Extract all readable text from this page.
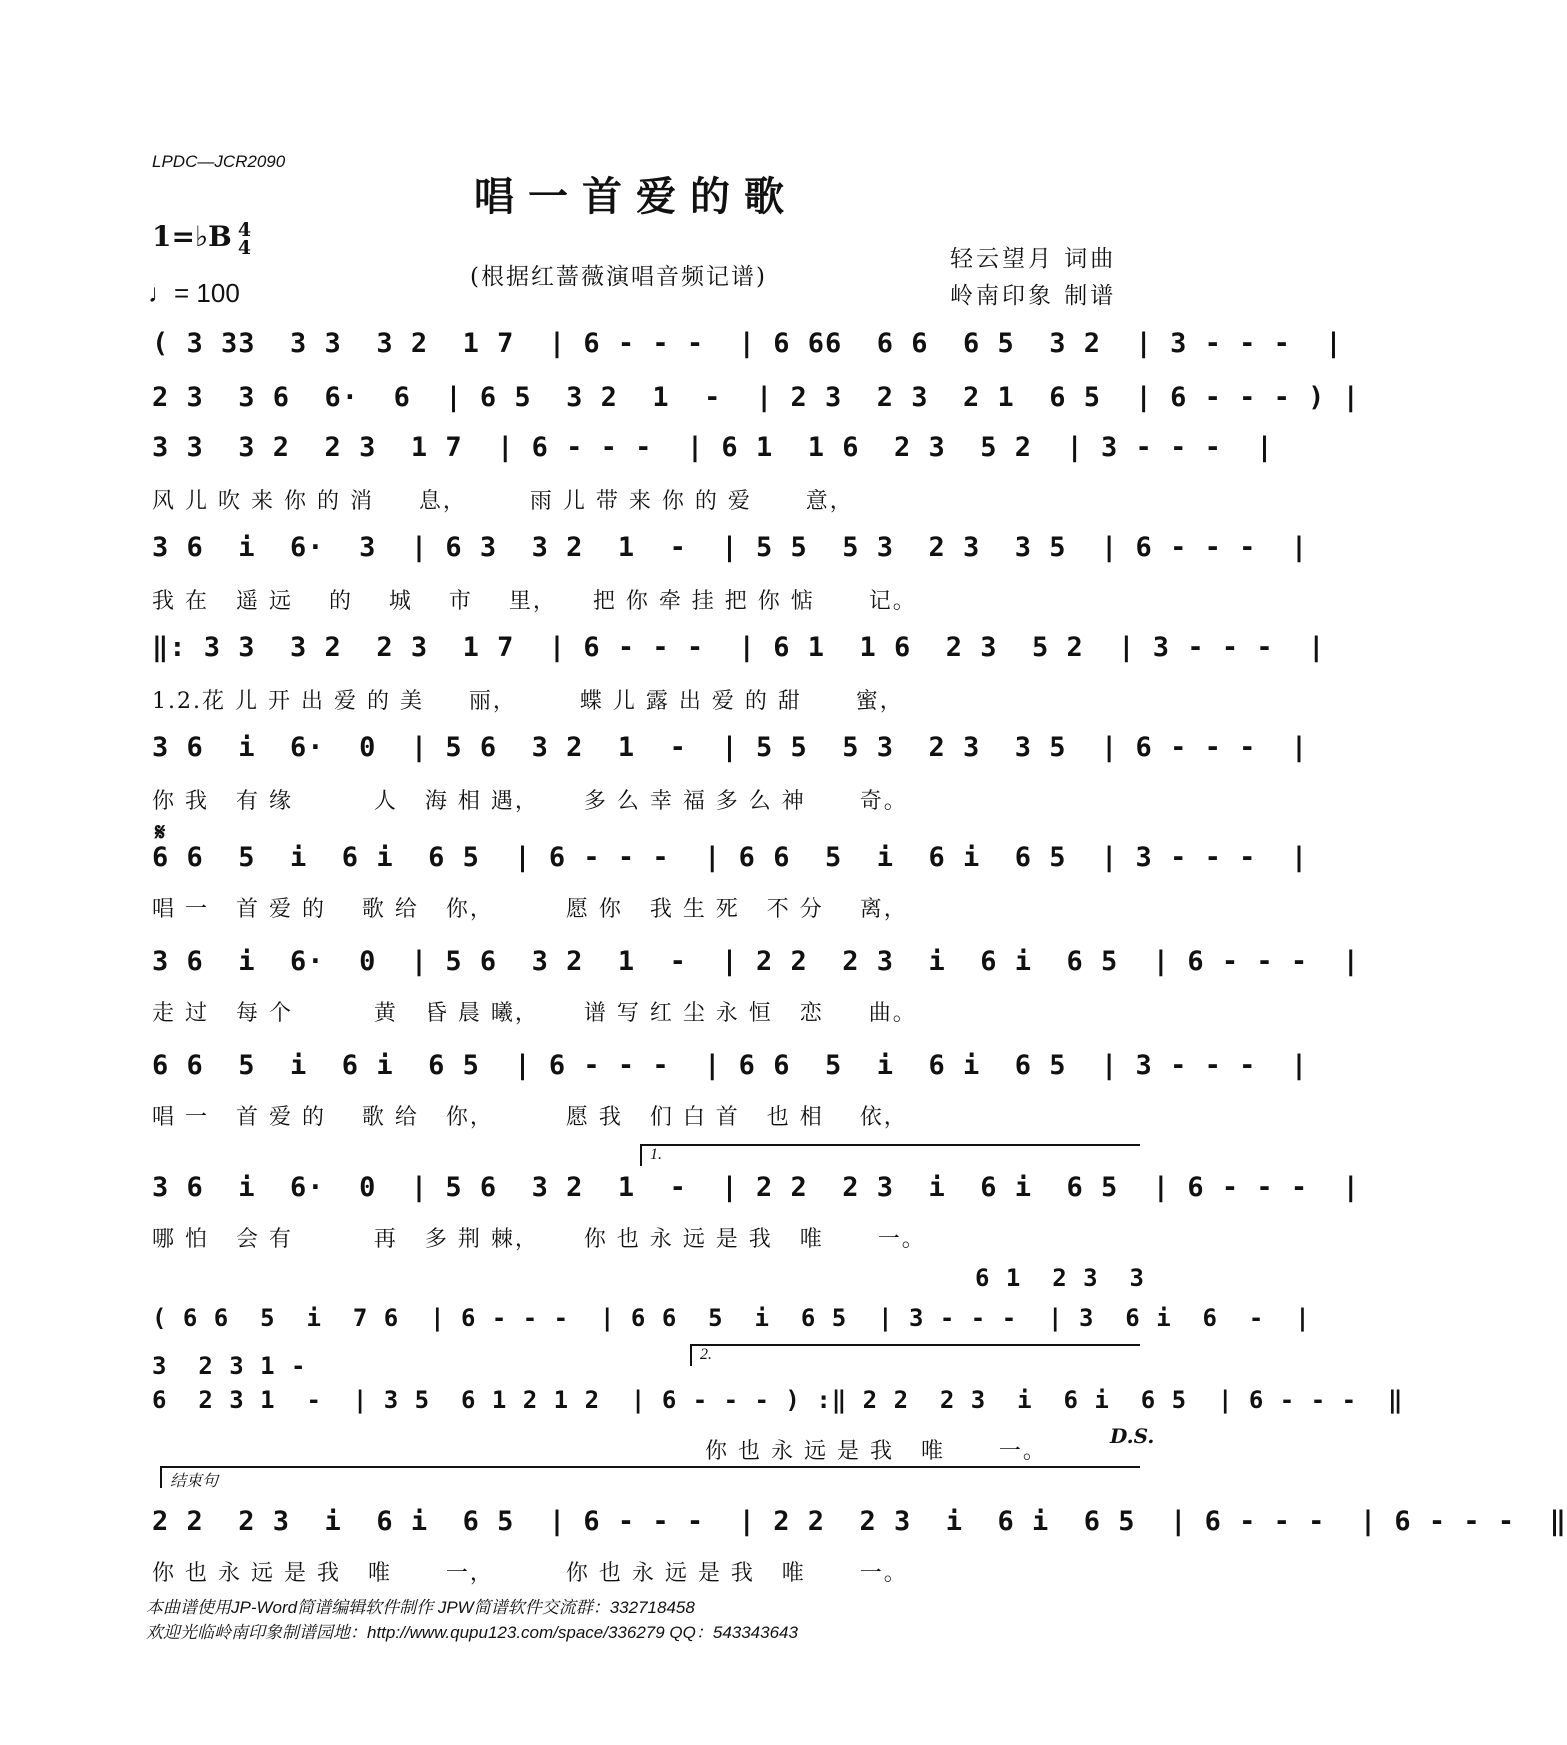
LPDC—JCR2090
唱一首爱的歌
1=♭B 4
4
♩= 100
(根据红蔷薇演唱音频记谱)
轻云望月 词曲
岭南印象 制谱
( 3 33  3 3  3 2  1 7  | 6 - - -  | 6 66  6 6  6 5  3 2  | 3 - - -  |
2 3  3 6  6·  6  | 6 5  3 2  1  -  | 2 3  2 3  2 1  6 5  | 6 - - - ) |
3 3  3 2  2 3  1 7  | 6 - - -  | 6 1  1 6  2 3  5 2  | 3 - - -  |
风 儿 吹 来 你 的 消     息，       雨 儿 带 来 你 的 爱      意，
3 6  i  6·  3  | 6 3  3 2  1  -  | 5 5  5 3  2 3  3 5  | 6 - - -  |
我 在   遥 远    的    城    市    里，    把 你 牵 挂 把 你 惦      记。
‖: 3 3  3 2  2 3  1 7  | 6 - - -  | 6 1  1 6  2 3  5 2  | 3 - - -  |
1.2.花 儿 开 出 爱 的 美     丽，       蝶 儿 露 出 爱 的 甜      蜜，
3 6  i  6·  0  | 5 6  3 2  1  -  | 5 5  5 3  2 3  3 5  | 6 - - -  |
你 我   有 缘         人   海 相 遇，     多 么 幸 福 多 么 神      奇。
𝄋
6 6  5  i  6 i  6 5  | 6 - - -  | 6 6  5  i  6 i  6 5  | 3 - - -  |
唱 一   首 爱 的    歌 给   你，        愿 你   我 生 死   不 分    离，
3 6  i  6·  0  | 5 6  3 2  1  -  | 2 2  2 3  i  6 i  6 5  | 6 - - -  |
走 过   每 个         黄   昏 晨 曦，     谱 写 红 尘 永 恒   恋     曲。
6 6  5  i  6 i  6 5  | 6 - - -  | 6 6  5  i  6 i  6 5  | 3 - - -  |
唱 一   首 爱 的    歌 给   你，        愿 我   们 白 首   也 相    依，
1.
3 6  i  6·  0  | 5 6  3 2  1  -  | 2 2  2 3  i  6 i  6 5  | 6 - - -  |
哪 怕   会 有         再   多 荆 棘，     你 也 永 远 是 我   唯      一。
6 1  2 3  3
( 6 6  5  i  7 6  | 6 - - -  | 6 6  5  i  6 5  | 3 - - -  | 3  6 i  6  -  |
2.
3  2 3 1 -
6  2 3 1  -  | 3 5  6 1 2 1 2  | 6 - - - ) :‖ 2 2  2 3  i  6 i  6 5  | 6 - - -  ‖
你 也 永 远 是 我   唯      一。
D.S.
结束句
2 2  2 3  i  6 i  6 5  | 6 - - -  | 2 2  2 3  i  6 i  6 5  | 6 - - -  | 6 - - -  ‖
你 也 永 远 是 我   唯      一，        你 也 永 远 是 我   唯      一。
本曲谱使用JP-Word简谱编辑软件制作 JPW简谱软件交流群：332718458
欢迎光临岭南印象制谱园地：http://www.qupu123.com/space/336279 QQ：543343643
